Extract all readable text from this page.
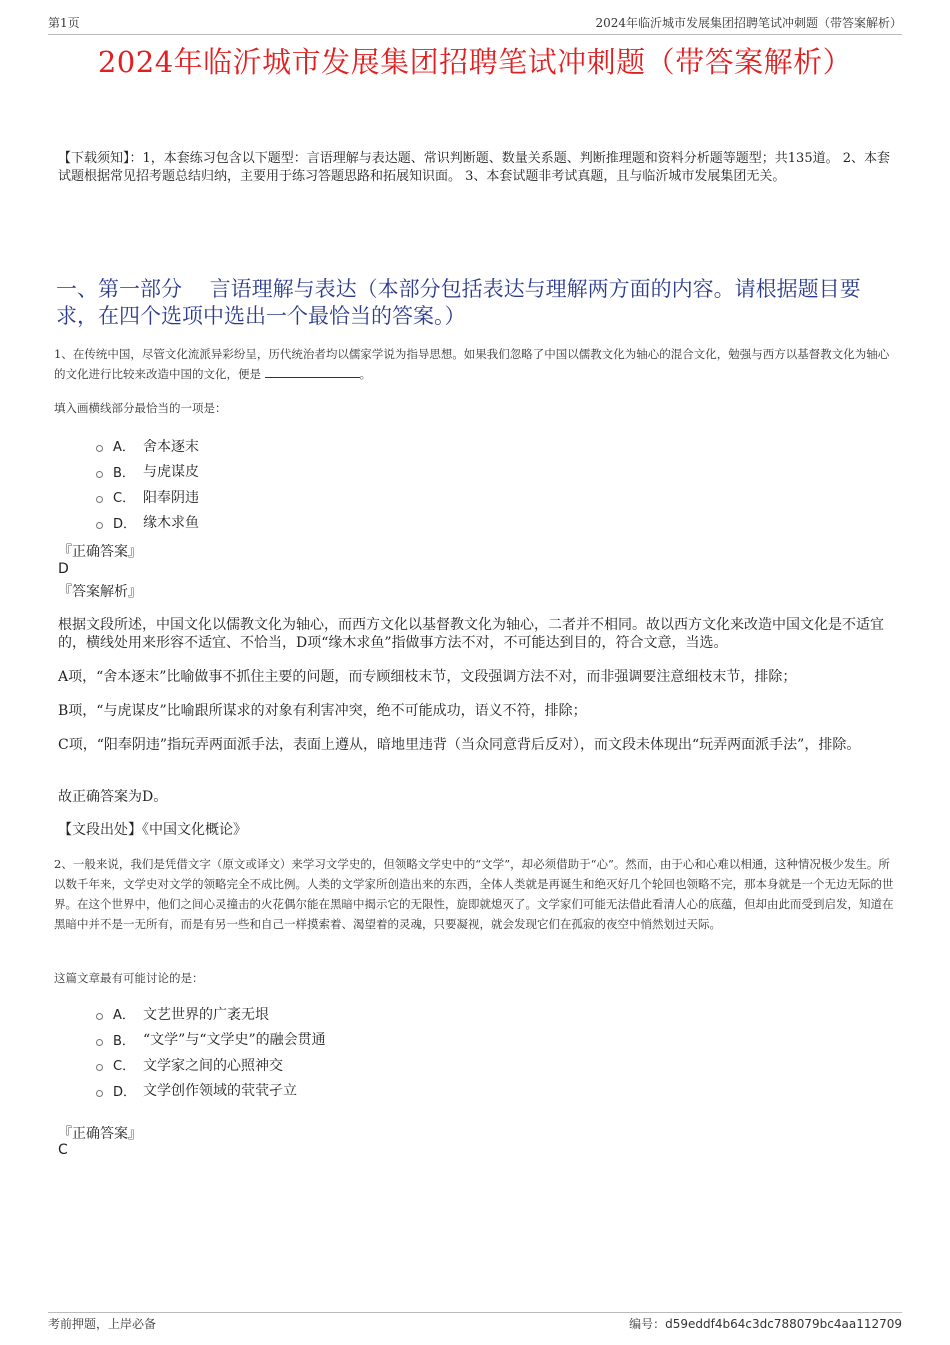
第1页	2024年临沂城市发展集团招聘笔试冲刺题（带答案解析）
2024年临沂城市发展集团招聘笔试冲刺题（带答案解析）
【下载须知】：1，本套练习包含以下题型：言语理解与表达题、常识判断题、数量关系题、判断推理题和资料分析题等题型；共135道。 2、本套试题根据常见招考题总结归纳，主要用于练习答题思路和拓展知识面。 3、本套试题非考试真题，且与临沂城市发展集团无关。
一、第一部分　 言语理解与表达（本部分包括表达与理解两方面的内容。请根据题目要求，在四个选项中选出一个最恰当的答案。）
1、在传统中国，尽管文化流派异彩纷呈，历代统治者均以儒家学说为指导思想。如果我们忽略了中国以儒教文化为轴心的混合文化，勉强与西方以基督教文化为轴心的文化进行比较来改造中国的文化，便是	。
填入画横线部分最恰当的一项是：
A． 舍本逐末
B． 与虎谋皮
C． 阳奉阴违
D． 缘木求鱼
『正确答案』
D
『答案解析』
根据文段所述，中国文化以儒教文化为轴心，而西方文化以基督教文化为轴心，二者并不相同。故以西方文化来改造中国文化是不适宜的，横线处用来形容不适宜、不恰当，D项“缘木求鱼”指做事方法不对，不可能达到目的，符合文意，当选。
A项，“舍本逐末”比喻做事不抓住主要的问题，而专顾细枝末节，文段强调方法不对，而非强调要注意细枝末节，排除；
B项，“与虎谋皮”比喻跟所谋求的对象有利害冲突，绝不可能成功，语义不符，排除；
C项，“阳奉阴违”指玩弄两面派手法，表面上遵从，暗地里违背（当众同意背后反对），而文段未体现出“玩弄两面派手法”，排除。
故正确答案为D。
【文段出处】《中国文化概论》
2、一般来说，我们是凭借文字（原文或译文）来学习文学史的，但领略文学史中的“文学”，却必须借助于“心”。然而，由于心和心难以相通，这种情况极少发生。所以数千年来，文学史对文学的领略完全不成比例。人类的文学家所创造出来的东西，全体人类就是再诞生和绝灭好几个轮回也领略不完，那本身就是一个无边无际的世界。在这个世界中，他们之间心灵撞击的火花偶尔能在黑暗中揭示它的无限性，旋即就熄灭了。文学家们可能无法借此看清人心的底蕴，但却由此而受到启发，知道在黑暗中并不是一无所有，而是有另一些和自己一样摸索着、渴望着的灵魂，只要凝视，就会发现它们在孤寂的夜空中悄然划过天际。
这篇文章最有可能讨论的是：
A． 文艺世界的广袤无垠
B． “文学”与“文学史”的融会贯通
C． 文学家之间的心照神交
D． 文学创作领域的茕茕孑立
『正确答案』
C
考前押题，上岸必备	编号：d59eddf4b64c3dc788079bc4aa112709
